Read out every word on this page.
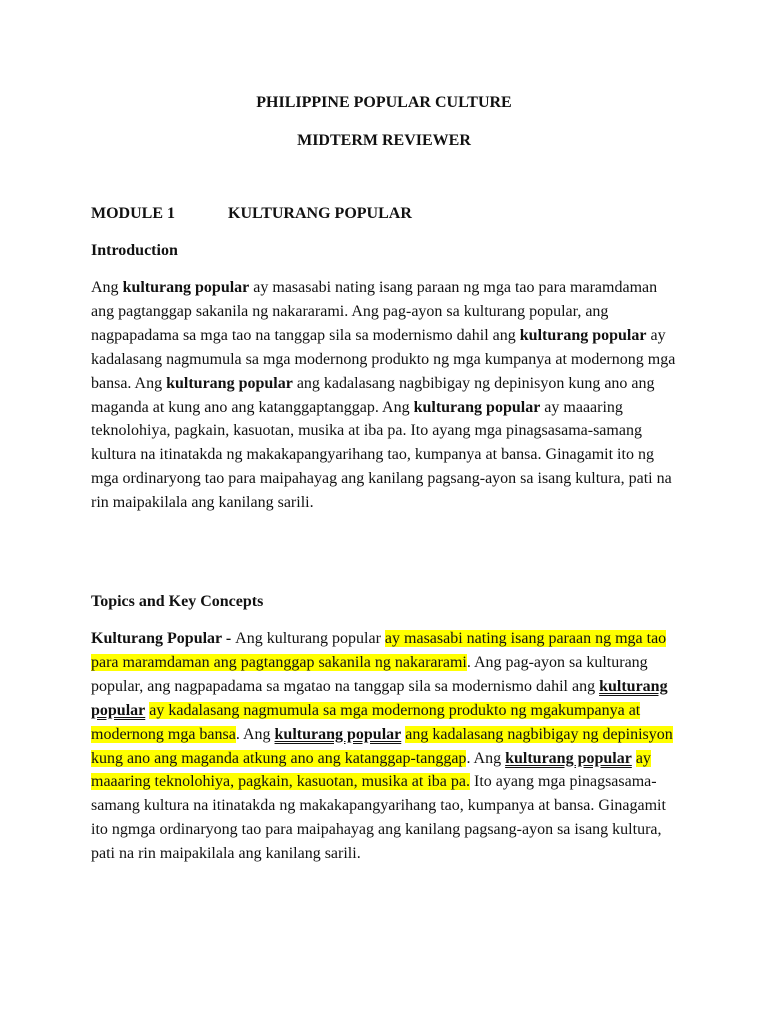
PHILIPPINE POPULAR CULTURE
MIDTERM REVIEWER
MODULE 1	KULTURANG POPULAR
Introduction

Ang kulturang popular ay masasabi nating isang paraan ng mga tao para maramdaman ang pagtanggap sakanila ng nakararami. Ang pag-ayon sa kulturang popular, ang nagpapadama sa mga tao na tanggap sila sa modernismo dahil ang kulturang popular ay kadalasang nagmumula sa mga modernong produkto ng mga kumpanya at modernong mga bansa. Ang kulturang popular ang kadalasang nagbibigay ng depinisyon kung ano ang maganda at kung ano ang katanggaptanggap. Ang kulturang popular ay maaaring teknolohiya, pagkain, kasuotan, musika at iba pa. Ito ayang mga pinagsasama-samang kultura na itinatakda ng makakapangyarihang tao, kumpanya at bansa. Ginagamit ito ng mga ordinaryong tao para maipahayag ang kanilang pagsang-ayon sa isang kultura, pati na rin maipakilala ang kanilang sarili.

Topics and Key Concepts

Kulturang Popular - Ang kulturang popular ay masasabi nating isang paraan ng mga tao para maramdaman ang pagtanggap sakanila ng nakararami. Ang pag-ayon sa kulturang popular, ang nagpapadama sa mgatao na tanggap sila sa modernismo dahil ang kulturang popular ay kadalasang nagmumula sa mga modernong produkto ng mgakumpanya at modernong mga bansa. Ang kulturang popular ang kadalasang nagbibigay ng depinisyon kung ano ang maganda atkung ano ang katanggap-tanggap. Ang kulturang popular ay maaaring teknolohiya, pagkain, kasuotan, musika at iba pa. Ito ayang mga pinagsasama-samang kultura na itinatakda ng makakapangyarihang tao, kumpanya at bansa. Ginagamit ito ngmga ordinaryong tao para maipahayag ang kanilang pagsang-ayon sa isang kultura, pati na rin maipakilala ang kanilang sarili.
